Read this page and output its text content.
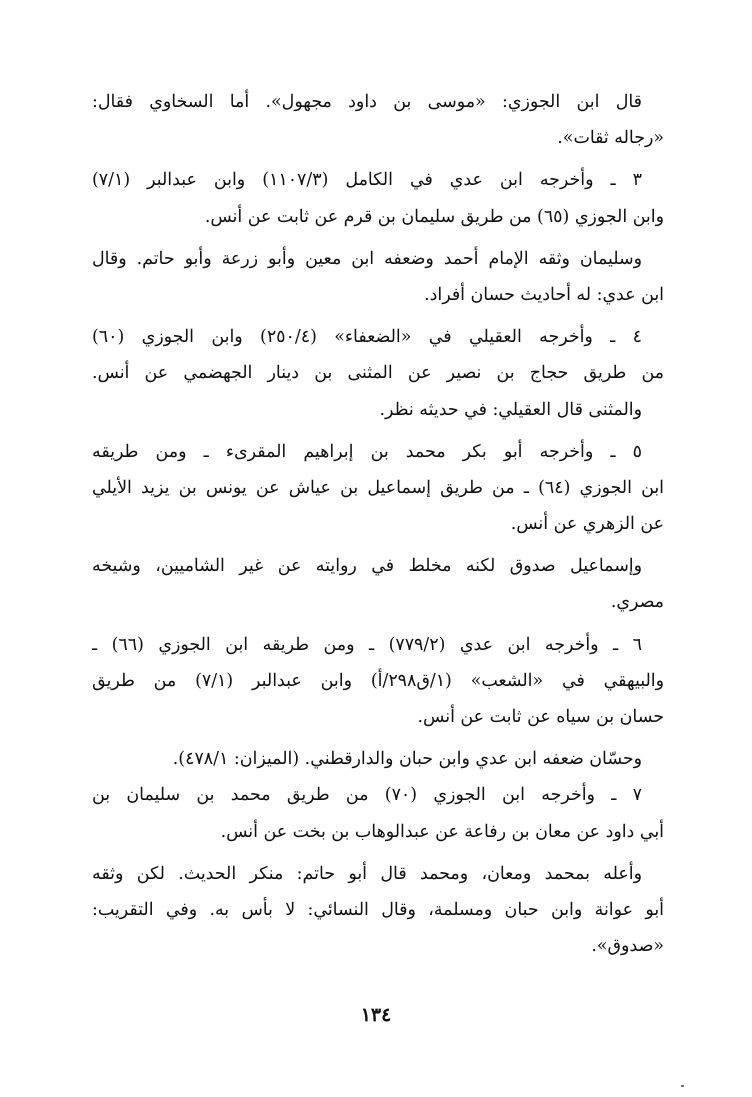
قال ابن الجوزي: «موسى بن داود مجهول». أما السخاوي فقال:
«رجاله ثقات».
٣ ـ وأخرجه ابن عدي في الكامل (١١٠٧/٣) وابن عبدالبر (٧/١)
وابن الجوزي (٦٥) من طريق سليمان بن قرم عن ثابت عن أنس.
وسليمان وثقه الإمام أحمد وضعفه ابن معين وأبو زرعة وأبو حاتم. وقال
ابن عدي: له أحاديث حسان أفراد.
٤ ـ وأخرجه العقيلي في «الضعفاء» (٢٥٠/٤) وابن الجوزي (٦٠)
من طريق حجاج بن نصير عن المثنى بن دينار الجهضمي عن أنس.
والمثنى قال العقيلي: في حديثه نظر.
٥ ـ وأخرجه أبو بكر محمد بن إبراهيم المقرىء ـ ومن طريقه
ابن الجوزي (٦٤) ـ من طريق إسماعيل بن عياش عن يونس بن يزيد الأيلي
عن الزهري عن أنس.
وإسماعيل صدوق لكنه مخلط في روايته عن غير الشاميين، وشيخه
مصري.
٦ ـ وأخرجه ابن عدي (٧٧٩/٢) ـ ومن طريقه ابن الجوزي (٦٦) ـ
والبيهقي في «الشعب» (١/ق٢٩٨/أ) وابن عبدالبر (٧/١) من طريق
حسان بن سياه عن ثابت عن أنس.
وحسّان ضعفه ابن عدي وابن حبان والدارقطني. (الميزان: ٤٧٨/١).
٧ ـ وأخرجه ابن الجوزي (٧٠) من طريق محمد بن سليمان بن
أبي داود عن معان بن رفاعة عن عبدالوهاب بن بخت عن أنس.
وأعله بمحمد ومعان، ومحمد قال أبو حاتم: منكر الحديث. لكن وثقه
أبو عوانة وابن حبان ومسلمة، وقال النسائي: لا بأس به. وفي التقريب:
«صدوق».
١٣٤
